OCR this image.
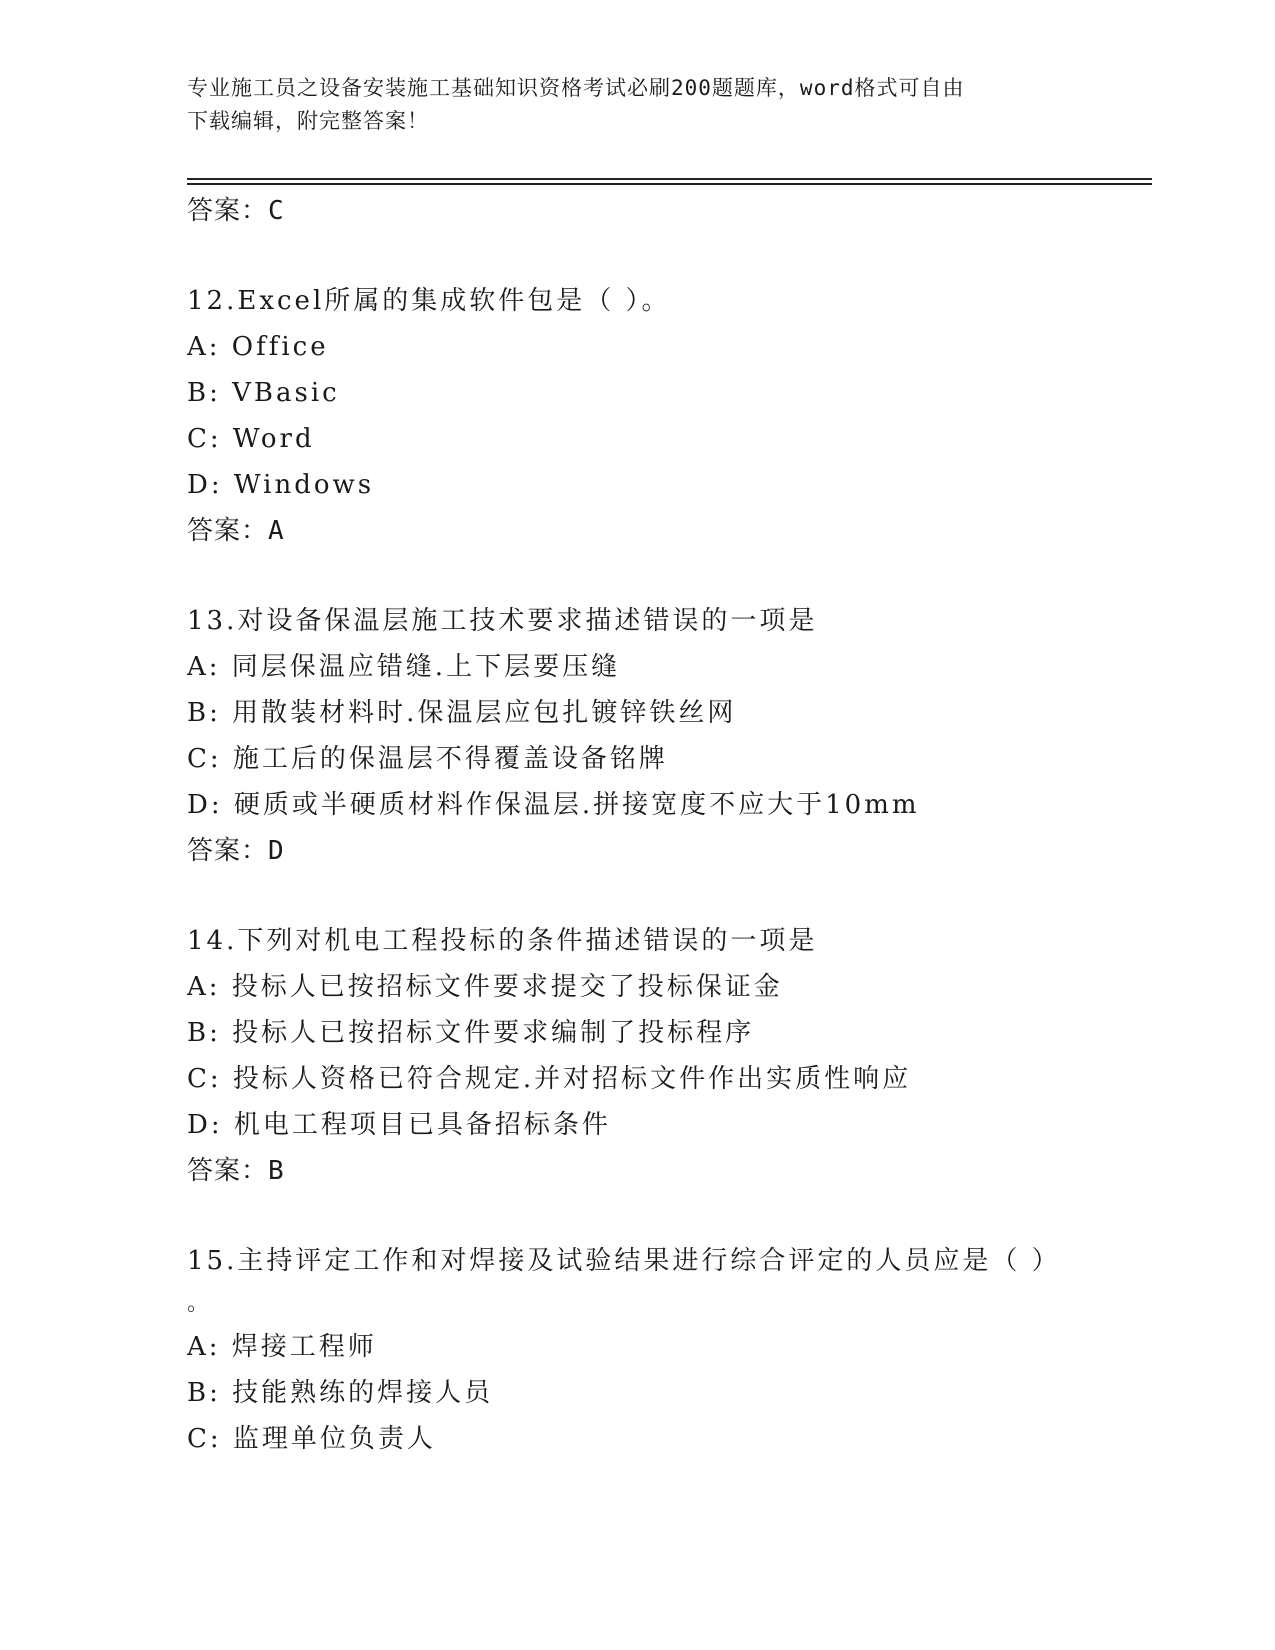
专业施工员之设备安装施工基础知识资格考试必刷200题题库，word格式可自由
下载编辑，附完整答案！
答案：C
12.Excel所属的集成软件包是（ ）。
A: Office
B: VBasic
C: Word
D: Windows
答案：A
13.对设备保温层施工技术要求描述错误的一项是
A: 同层保温应错缝.上下层要压缝
B: 用散装材料时.保温层应包扎镀锌铁丝网
C: 施工后的保温层不得覆盖设备铭牌
D: 硬质或半硬质材料作保温层.拼接宽度不应大于10mm
答案：D
14.下列对机电工程投标的条件描述错误的一项是
A: 投标人已按招标文件要求提交了投标保证金
B: 投标人已按招标文件要求编制了投标程序
C: 投标人资格已符合规定.并对招标文件作出实质性响应
D: 机电工程项目已具备招标条件
答案：B
15.主持评定工作和对焊接及试验结果进行综合评定的人员应是（ ）
。
A: 焊接工程师
B: 技能熟练的焊接人员
C: 监理单位负责人
